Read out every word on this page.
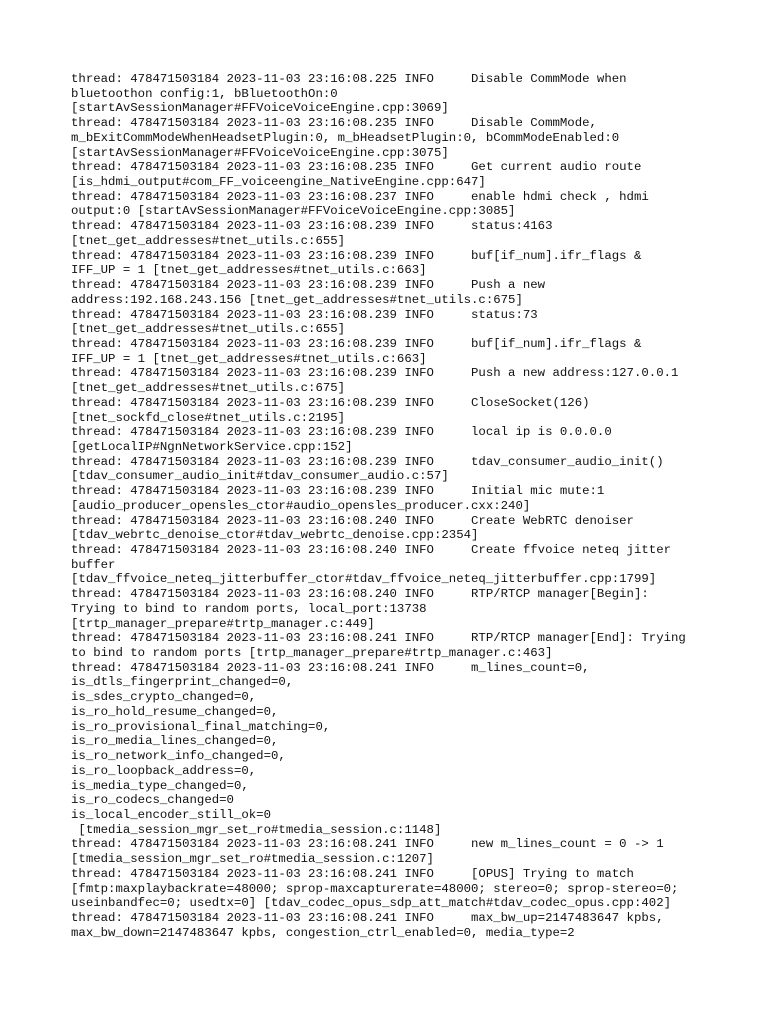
thread: 478471503184 2023-11-03 23:16:08.225 INFO     Disable CommMode when
bluetoothon config:1, bBluetoothOn:0
[startAvSessionManager#FFVoiceVoiceEngine.cpp:3069]
thread: 478471503184 2023-11-03 23:16:08.235 INFO     Disable CommMode,
m_bExitCommModeWhenHeadsetPlugin:0, m_bHeadsetPlugin:0, bCommModeEnabled:0
[startAvSessionManager#FFVoiceVoiceEngine.cpp:3075]
thread: 478471503184 2023-11-03 23:16:08.235 INFO     Get current audio route
[is_hdmi_output#com_FF_voiceengine_NativeEngine.cpp:647]
thread: 478471503184 2023-11-03 23:16:08.237 INFO     enable hdmi check , hdmi
output:0 [startAvSessionManager#FFVoiceVoiceEngine.cpp:3085]
thread: 478471503184 2023-11-03 23:16:08.239 INFO     status:4163
[tnet_get_addresses#tnet_utils.c:655]
thread: 478471503184 2023-11-03 23:16:08.239 INFO     buf[if_num].ifr_flags &
IFF_UP = 1 [tnet_get_addresses#tnet_utils.c:663]
thread: 478471503184 2023-11-03 23:16:08.239 INFO     Push a new
address:192.168.243.156 [tnet_get_addresses#tnet_utils.c:675]
thread: 478471503184 2023-11-03 23:16:08.239 INFO     status:73
[tnet_get_addresses#tnet_utils.c:655]
thread: 478471503184 2023-11-03 23:16:08.239 INFO     buf[if_num].ifr_flags &
IFF_UP = 1 [tnet_get_addresses#tnet_utils.c:663]
thread: 478471503184 2023-11-03 23:16:08.239 INFO     Push a new address:127.0.0.1
[tnet_get_addresses#tnet_utils.c:675]
thread: 478471503184 2023-11-03 23:16:08.239 INFO     CloseSocket(126)
[tnet_sockfd_close#tnet_utils.c:2195]
thread: 478471503184 2023-11-03 23:16:08.239 INFO     local ip is 0.0.0.0
[getLocalIP#NgnNetworkService.cpp:152]
thread: 478471503184 2023-11-03 23:16:08.239 INFO     tdav_consumer_audio_init()
[tdav_consumer_audio_init#tdav_consumer_audio.c:57]
thread: 478471503184 2023-11-03 23:16:08.239 INFO     Initial mic mute:1
[audio_producer_opensles_ctor#audio_opensles_producer.cxx:240]
thread: 478471503184 2023-11-03 23:16:08.240 INFO     Create WebRTC denoiser
[tdav_webrtc_denoise_ctor#tdav_webrtc_denoise.cpp:2354]
thread: 478471503184 2023-11-03 23:16:08.240 INFO     Create ffvoice neteq jitter
buffer
[tdav_ffvoice_neteq_jitterbuffer_ctor#tdav_ffvoice_neteq_jitterbuffer.cpp:1799]
thread: 478471503184 2023-11-03 23:16:08.240 INFO     RTP/RTCP manager[Begin]:
Trying to bind to random ports, local_port:13738
[trtp_manager_prepare#trtp_manager.c:449]
thread: 478471503184 2023-11-03 23:16:08.241 INFO     RTP/RTCP manager[End]: Trying
to bind to random ports [trtp_manager_prepare#trtp_manager.c:463]
thread: 478471503184 2023-11-03 23:16:08.241 INFO     m_lines_count=0,
is_dtls_fingerprint_changed=0,
is_sdes_crypto_changed=0,
is_ro_hold_resume_changed=0,
is_ro_provisional_final_matching=0,
is_ro_media_lines_changed=0,
is_ro_network_info_changed=0,
is_ro_loopback_address=0,
is_media_type_changed=0,
is_ro_codecs_changed=0
is_local_encoder_still_ok=0
[tmedia_session_mgr_set_ro#tmedia_session.c:1148]
thread: 478471503184 2023-11-03 23:16:08.241 INFO     new m_lines_count = 0 -> 1
[tmedia_session_mgr_set_ro#tmedia_session.c:1207]
thread: 478471503184 2023-11-03 23:16:08.241 INFO     [OPUS] Trying to match
[fmtp:maxplaybackrate=48000; sprop-maxcapturerate=48000; stereo=0; sprop-stereo=0;
useinbandfec=0; usedtx=0] [tdav_codec_opus_sdp_att_match#tdav_codec_opus.cpp:402]
thread: 478471503184 2023-11-03 23:16:08.241 INFO     max_bw_up=2147483647 kpbs,
max_bw_down=2147483647 kpbs, congestion_ctrl_enabled=0, media_type=2
